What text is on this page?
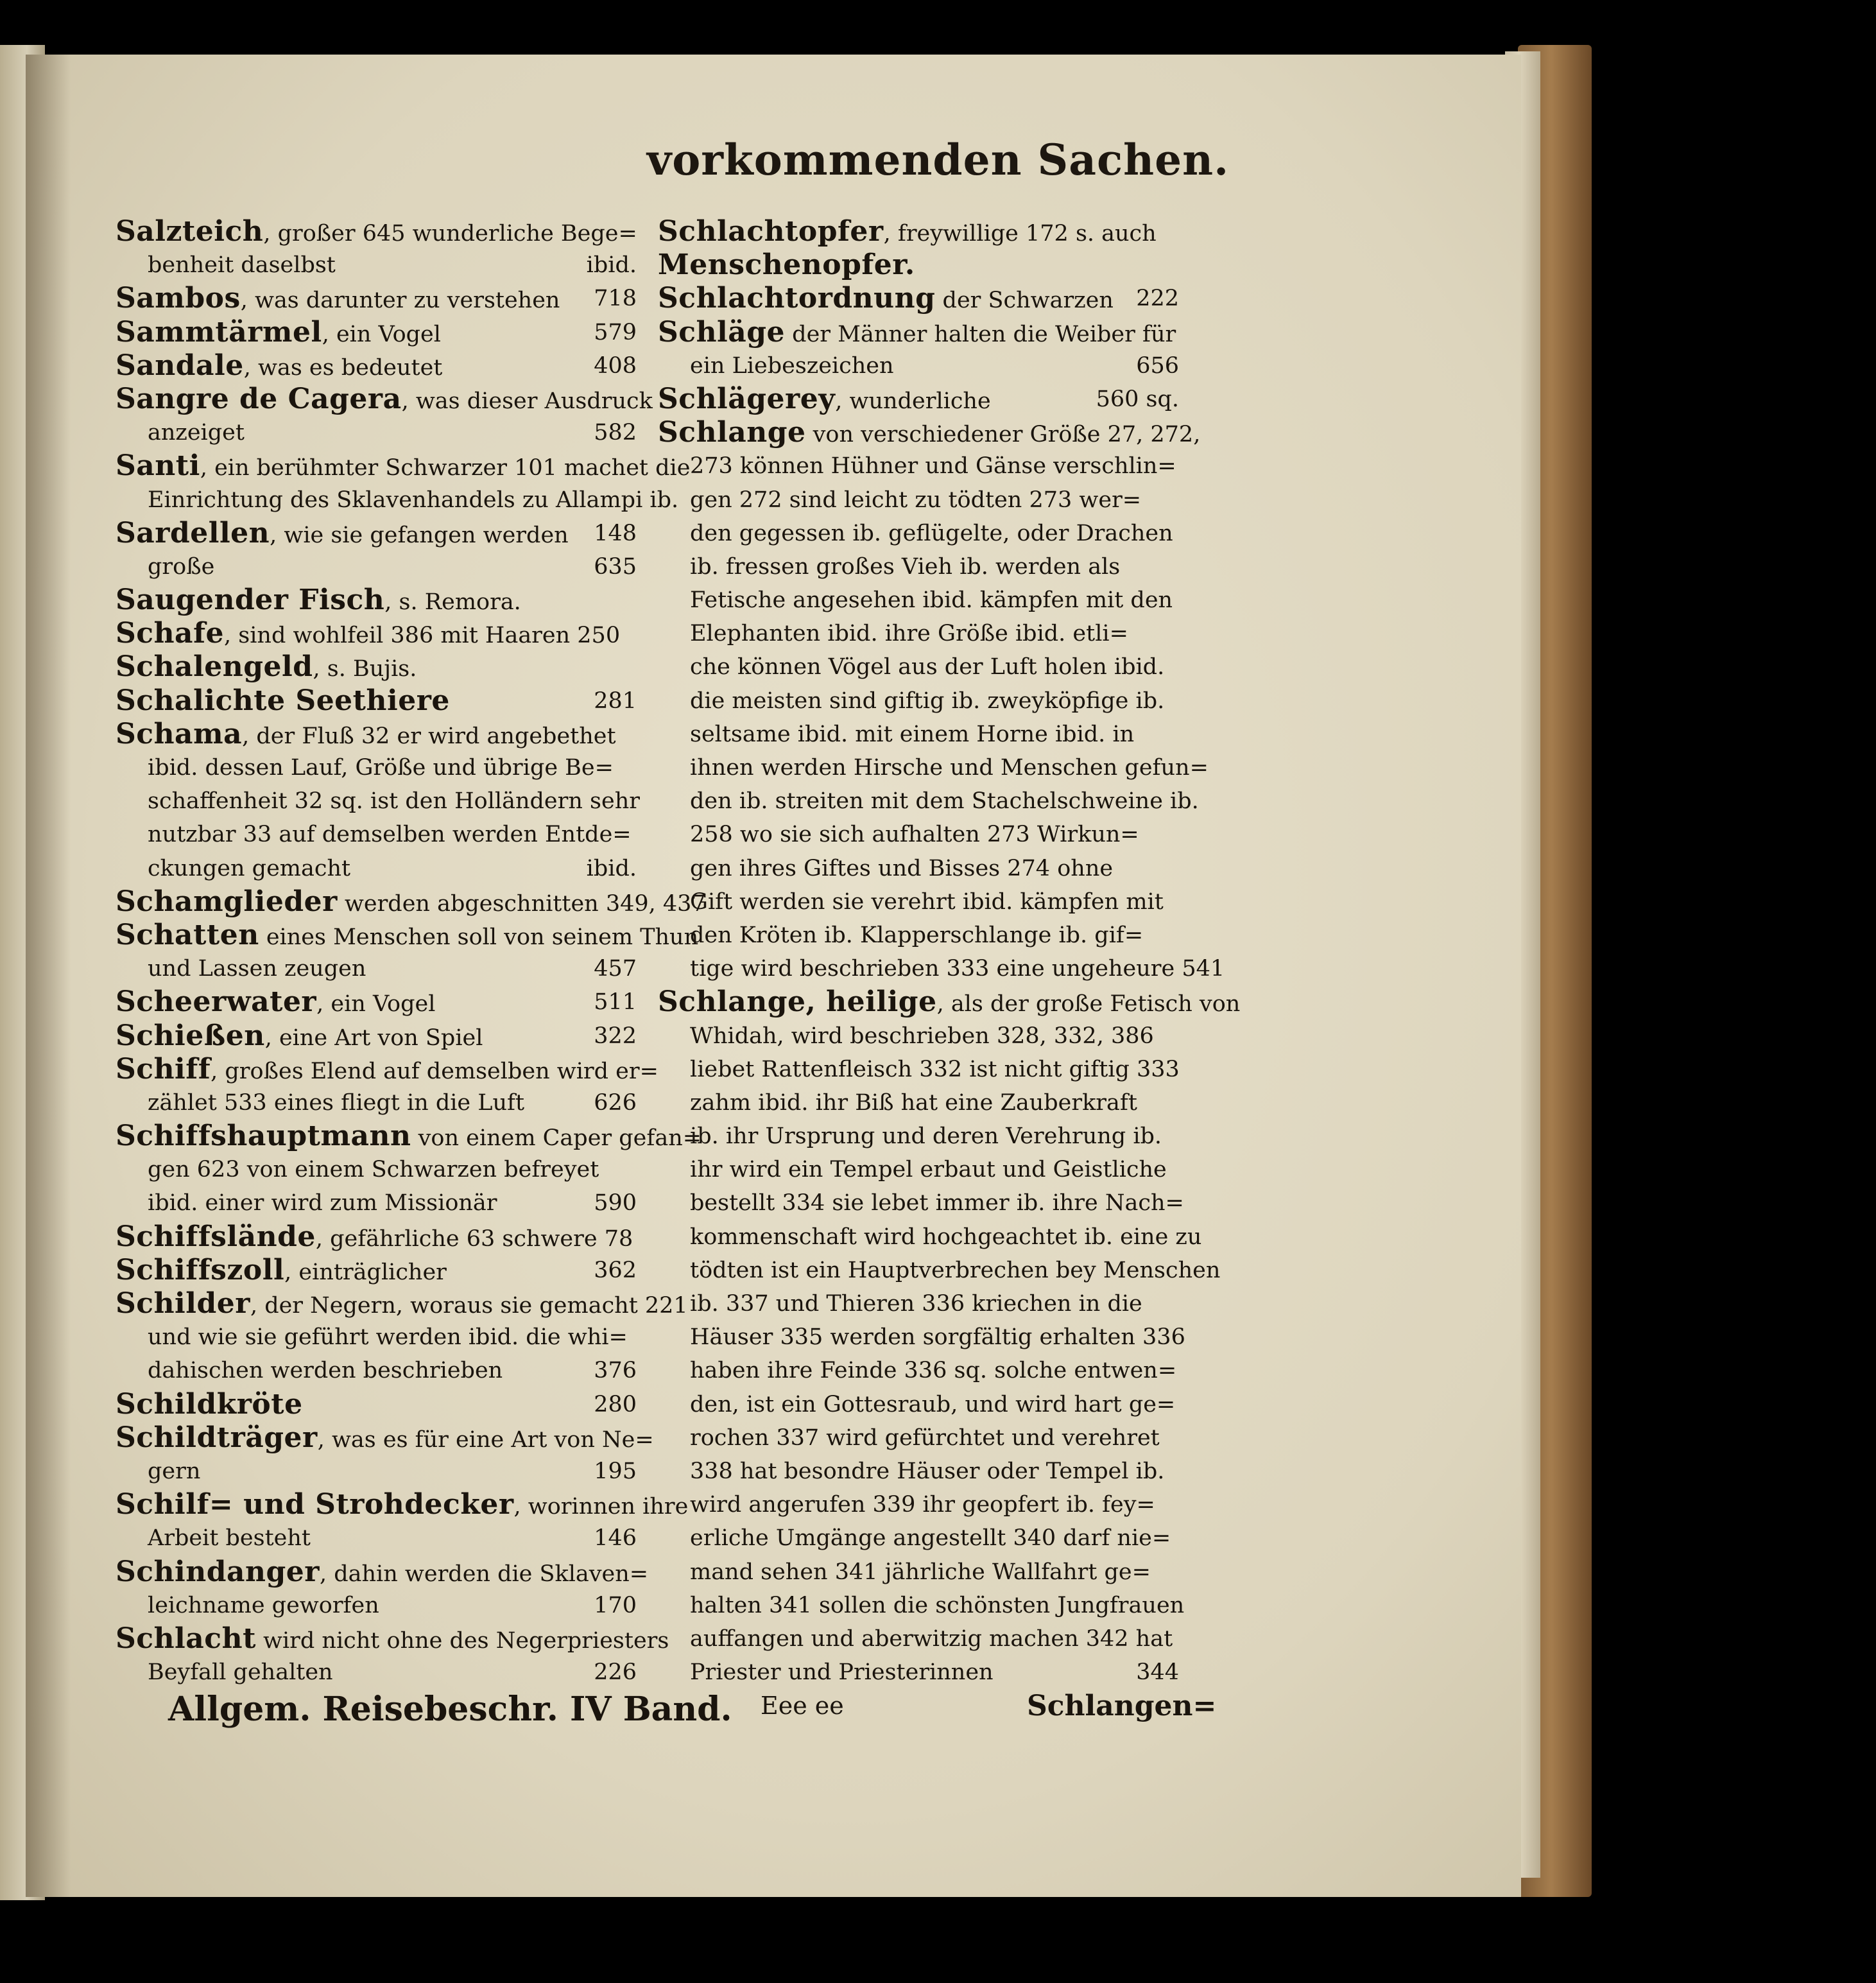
vorkommenden Sachen.
Salzteich, großer 645 wunderliche Bege=
benheit daselbst	ibid.
Sambos, was darunter zu verstehen 718
Sammtärmel, ein Vogel	579
Sandale, was es bedeutet	408
Sangre de Cagera, was dieser Ausdruck
anzeiget	582
Santi, ein berühmter Schwarzer 101 machet die
Einrichtung des Sklavenhandels zu Allampi ib.
Sardellen, wie sie gefangen werden 148
große	635
Saugender Fisch, s. Remora.
Schafe, sind wohlfeil 386 mit Haaren 250
Schalengeld, s. Bujis.
Schalichte Seethiere	281
Schama, der Fluß 32 er wird angebethet
ibid. dessen Lauf, Größe und übrige Be=
schaffenheit 32 sq. ist den Holländern sehr
nutzbar 33 auf demselben werden Entde=
ckungen gemacht	ibid.
Schamglieder werden abgeschnitten 349, 437
Schatten eines Menschen soll von seinem Thun
und Lassen zeugen	457
Scheerwater, ein Vogel	511
Schießen, eine Art von Spiel	322
Schiff, großes Elend auf demselben wird er=
zählet 533 eines fliegt in die Luft	626
Schiffshauptmann von einem Caper gefan=
gen 623 von einem Schwarzen befreyet
ibid. einer wird zum Missionär	590
Schiffsländе, gefährliche 63 schwere 78
Schiffszoll, einträglicher	362
Schilder, der Negern, woraus sie gemacht 221
und wie sie geführt werden ibid. die whi=
dahischen werden beschrieben	376
Schildkröte	280
Schildträger, was es für eine Art von Ne=
gern	195
Schilf= und Strohdecker, worinnen ihre
Arbeit besteht	146
Schindanger, dahin werden die Sklaven=
leichname geworfen	170
Schlacht wird nicht ohne des Negerpriesters
Beyfall gehalten	226
Schlachtopfer, freywillige 172 s. auch
Menschenopfer.
Schlachtordnung der Schwarzen 222
Schläge der Männer halten die Weiber für
ein Liebeszeichen	656
Schlägerey, wunderliche	560 sq.
Schlange von verschiedener Größe 27, 272,
273 können Hühner und Gänse verschlin=
gen 272 sind leicht zu tödten 273 wer=
den gegessen ib. geflügelte, oder Drachen
ib. fressen großes Vieh ib. werden als
Fetische angesehen ibid. kämpfen mit den
Elephanten ibid. ihre Größe ibid. etli=
che können Vögel aus der Luft holen ibid.
die meisten sind giftig ib. zweyköpfige ib.
seltsame ibid. mit einem Horne ibid. in
ihnen werden Hirsche und Menschen gefun=
den ib. streiten mit dem Stachelschweine ib.
258 wo sie sich aufhalten 273 Wirkun=
gen ihres Giftes und Bisses 274 ohne
Gift werden sie verehrt ibid. kämpfen mit
den Kröten ib. Klapperschlange ib. gif=
tige wird beschrieben 333 eine ungeheure 541
Schlange, heilige, als der große Fetisch von
Whidah, wird beschrieben 328, 332, 386
liebet Rattenfleisch 332 ist nicht giftig 333
zahm ibid. ihr Biß hat eine Zauberkraft
ib. ihr Ursprung und deren Verehrung ib.
ihr wird ein Tempel erbaut und Geistliche
bestellt 334 sie lebet immer ib. ihre Nach=
kommenschaft wird hochgeachtet ib. eine zu
tödten ist ein Hauptverbrechen bey Menschen
ib. 337 und Thieren 336 kriechen in die
Häuser 335 werden sorgfältig erhalten 336
haben ihre Feinde 336 sq. solche entwen=
den, ist ein Gottesraub, und wird hart ge=
rochen 337 wird gefürchtet und verehret
338 hat besondre Häuser oder Tempel ib.
wird angerufen 339 ihr geopfert ib. fey=
erliche Umgänge angestellt 340 darf nie=
mand sehen 341 jährliche Wallfahrt ge=
halten 341 sollen die schönsten Jungfrauen
auffangen und aberwitzig machen 342 hat
Priester und Priesterinnen	344
Allgem. Reisebeschr. IV Band. Eee ee	Schlangen=
